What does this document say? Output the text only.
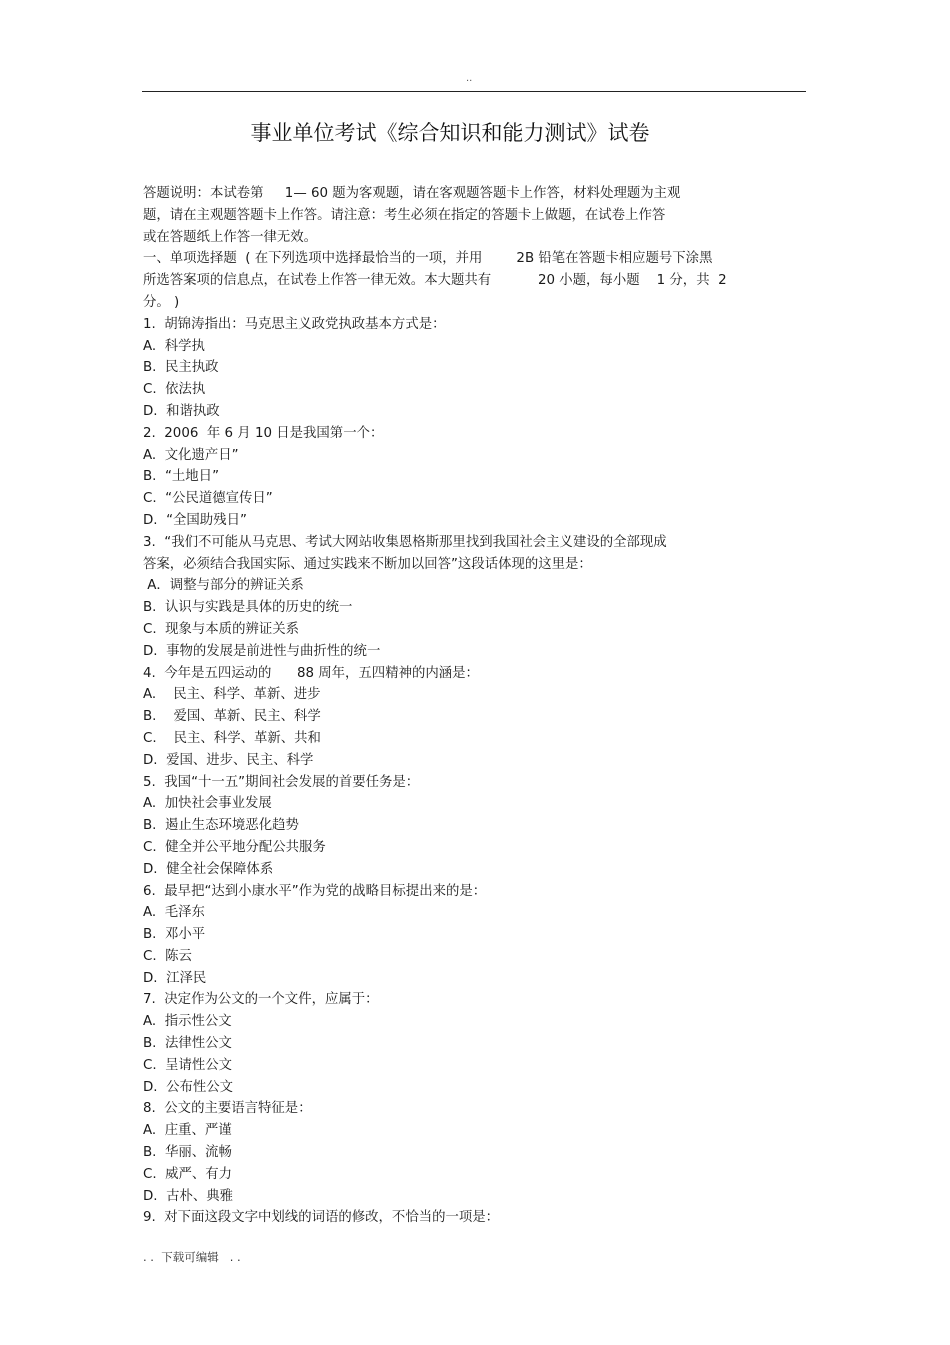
..
事业单位考试《综合知识和能力测试》试卷
答题说明：本试卷第     1— 60 题为客观题，请在客观题答题卡上作答，材料处理题为主观
题，请在主观题答题卡上作答。请注意：考生必须在指定的答题卡上做题，在试卷上作答
或在答题纸上作答一律无效。
一、单项选择题  ( 在下列选项中选择最恰当的一项，并用        2B 铅笔在答题卡相应题号下涂黑
所选答案项的信息点，在试卷上作答一律无效。本大题共有           20 小题，每小题    1 分，共  2
分。 )
1.  胡锦涛指出：马克思主义政党执政基本方式是：
A.  科学执
B.  民主执政
C.  依法执
D.  和谐执政
2.  2006  年 6 月 10 日是我国第一个：
A.  文化遗产日”
B.  “土地日”
C.  “公民道德宣传日”
D.  “全国助残日”
3.  “我们不可能从马克思、考试大网站收集恩格斯那里找到我国社会主义建设的全部现成
答案，必须结合我国实际、通过实践来不断加以回答”这段话体现的这里是：
A．调整与部分的辨证关系
B.  认识与实践是具体的历史的统一
C.  现象与本质的辨证关系
D.  事物的发展是前进性与曲折性的统一
4.  今年是五四运动的      88 周年，五四精神的内涵是：
A.    民主、科学、革新、进步
B.    爱国、革新、民主、科学
C.    民主、科学、革新、共和
D.  爱国、进步、民主、科学
5.  我国“十一五”期间社会发展的首要任务是：
A.  加快社会事业发展
B.  遏止生态环境恶化趋势
C.  健全并公平地分配公共服务
D.  健全社会保障体系
6.  最早把“达到小康水平”作为党的战略目标提出来的是：
A.  毛泽东
B.  邓小平
C.  陈云
D.  江泽民
7.  决定作为公文的一个文件，应属于：
A.  指示性公文
B.  法律性公文
C.  呈请性公文
D.  公布性公文
8.  公文的主要语言特征是：
A.  庄重、严谨
B.  华丽、流畅
C.  威严、有力
D.  古朴、典雅
9.  对下面这段文字中划线的词语的修改，不恰当的一项是：
. .  下载可编辑   . .
